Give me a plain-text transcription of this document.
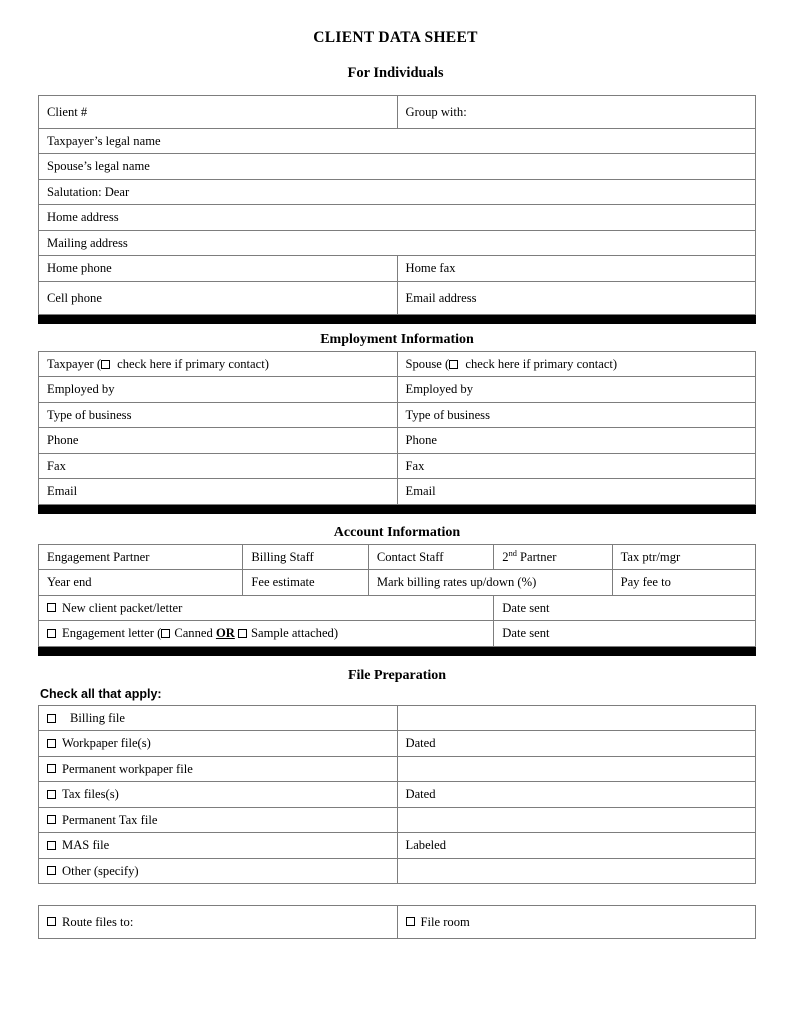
CLIENT DATA SHEET
For Individuals
Client #	Group with:
Taxpayer’s legal name	
Spouse’s legal name	
Salutation: Dear	
Home address	
Mailing address	
Home phone	Home fax
Cell phone	Email address

Employment Information
Taxpayer ( check here if primary contact)	Spouse ( check here if primary contact)
Employed by	Employed by
Type of business	Type of business
Phone	Phone
Fax	Fax
Email	Email

Account Information
Engagement Partner	Billing Staff	Contact Staff	2nd Partner	Tax ptr/mgr
Year end	Fee estimate	Mark billing rates up/down (%)		Pay fee to
New client packet/letter			Date sent	
Engagement letter ( Canned OR Sample attached)			Date sent	

File Preparation
Check all that apply:
Billing file	
Workpaper file(s)	Dated
Permanent workpaper file	
Tax files(s)	Dated
Permanent Tax file	
MAS file	Labeled
Other (specify)	
Route files to:	File room
